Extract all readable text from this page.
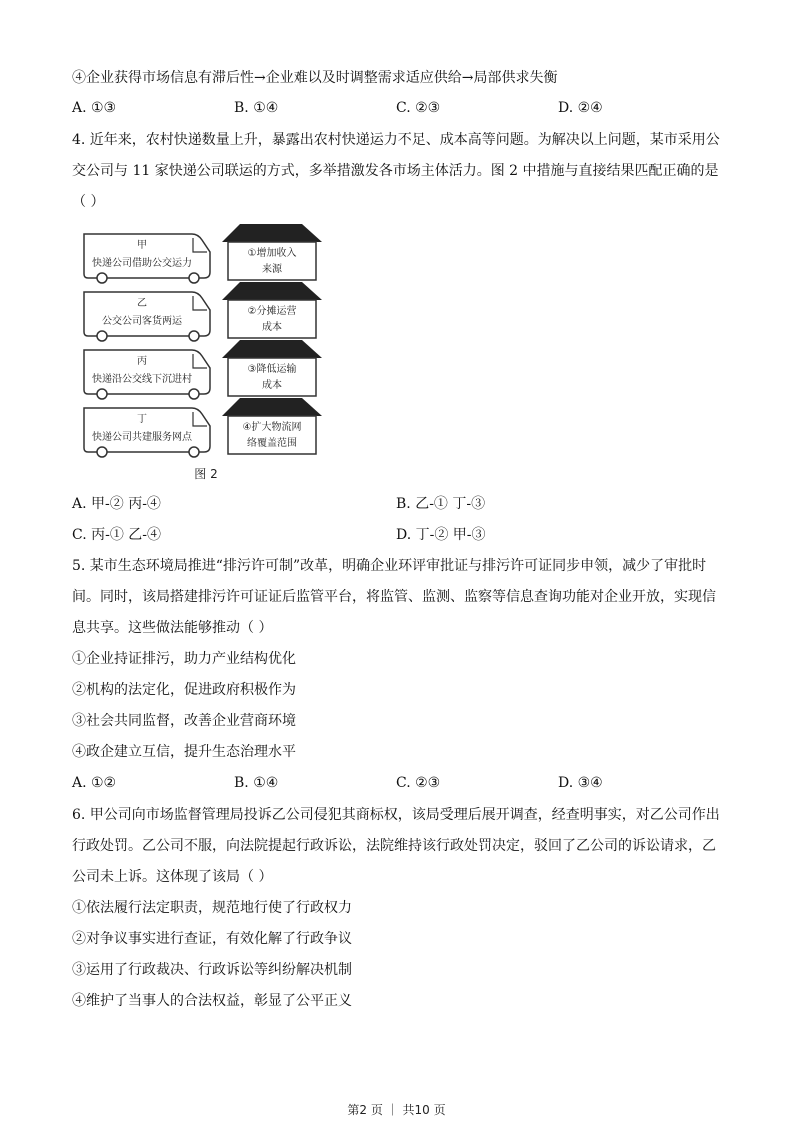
④企业获得市场信息有滞后性→企业难以及时调整需求适应供给→局部供求失衡
A. ①③	B. ①④	C. ②③	D. ②④
4. 近年来，农村快递数量上升，暴露出农村快递运力不足、成本高等问题。为解决以上问题，某市采用公
交公司与 11 家快递公司联运的方式，多举措激发各市场主体活力。图 2 中措施与直接结果匹配正确的是
（ ）
甲
快递公司借助公交运力
乙
公交公司客货两运
丙
快递沿公交线下沉进村
丁
快递公司共建服务网点
①增加收入
来源
②分摊运营
成本
③降低运输
成本
④扩大物流网
络覆盖范围
图 2
A. 甲-② 丙-④	B. 乙-① 丁-③
C. 丙-① 乙-④	D. 丁-② 甲-③
5. 某市生态环境局推进“排污许可制”改革，明确企业环评审批证与排污许可证同步申领，减少了审批时
间。同时，该局搭建排污许可证证后监管平台，将监管、监测、监察等信息查询功能对企业开放，实现信
息共享。这些做法能够推动（ ）
①企业持证排污，助力产业结构优化
②机构的法定化，促进政府积极作为
③社会共同监督，改善企业营商环境
④政企建立互信，提升生态治理水平
A. ①②	B. ①④	C. ②③	D. ③④
6. 甲公司向市场监督管理局投诉乙公司侵犯其商标权，该局受理后展开调查，经查明事实，对乙公司作出
行政处罚。乙公司不服，向法院提起行政诉讼，法院维持该行政处罚决定，驳回了乙公司的诉讼请求，乙
公司未上诉。这体现了该局（ ）
①依法履行法定职责，规范地行使了行政权力
②对争议事实进行查证，有效化解了行政争议
③运用了行政裁决、行政诉讼等纠纷解决机制
④维护了当事人的合法权益，彰显了公平正义
第2 页 ｜ 共10 页
